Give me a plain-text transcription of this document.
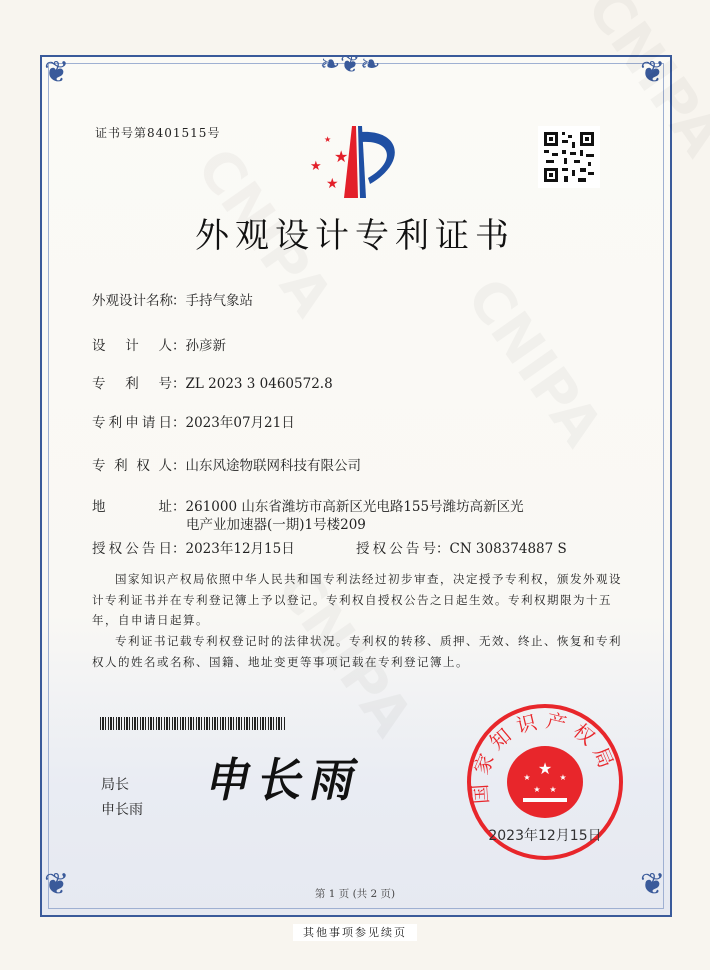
❦	❦
❦	❦
❧❦❧
证书号第8401515号	★
★
★
★
外观设计专利证书
外观设计名称：手持气象站
设计人：孙彦新
专利号：ZL 2023 3 0460572.8
专利申请日：2023年07月21日
专利权人：山东风途物联网科技有限公司
地址：261000 山东省潍坊市高新区光电路155号潍坊高新区光
电产业加速器(一期)1号楼209
授权公告日：2023年12月15日	授权公告号：CN 308374887 S

国家知识产权局依照中华人民共和国专利法经过初步审查，决定授予专利权，颁发外观设计专利证书并在专利登记簿上予以登记。专利权自授权公告之日起生效。专利权期限为十五年，自申请日起算。

专利证书记载专利权登记时的法律状况。专利权的转移、质押、无效、终止、恢复和专利权人的姓名或名称、国籍、地址变更等事项记载在专利登记簿上。

局长
申长雨
申长雨	国家知识产权局
★
★	★
★ ★
2023年12月15日
第 1 页 (共 2 页)
其他事项参见续页
